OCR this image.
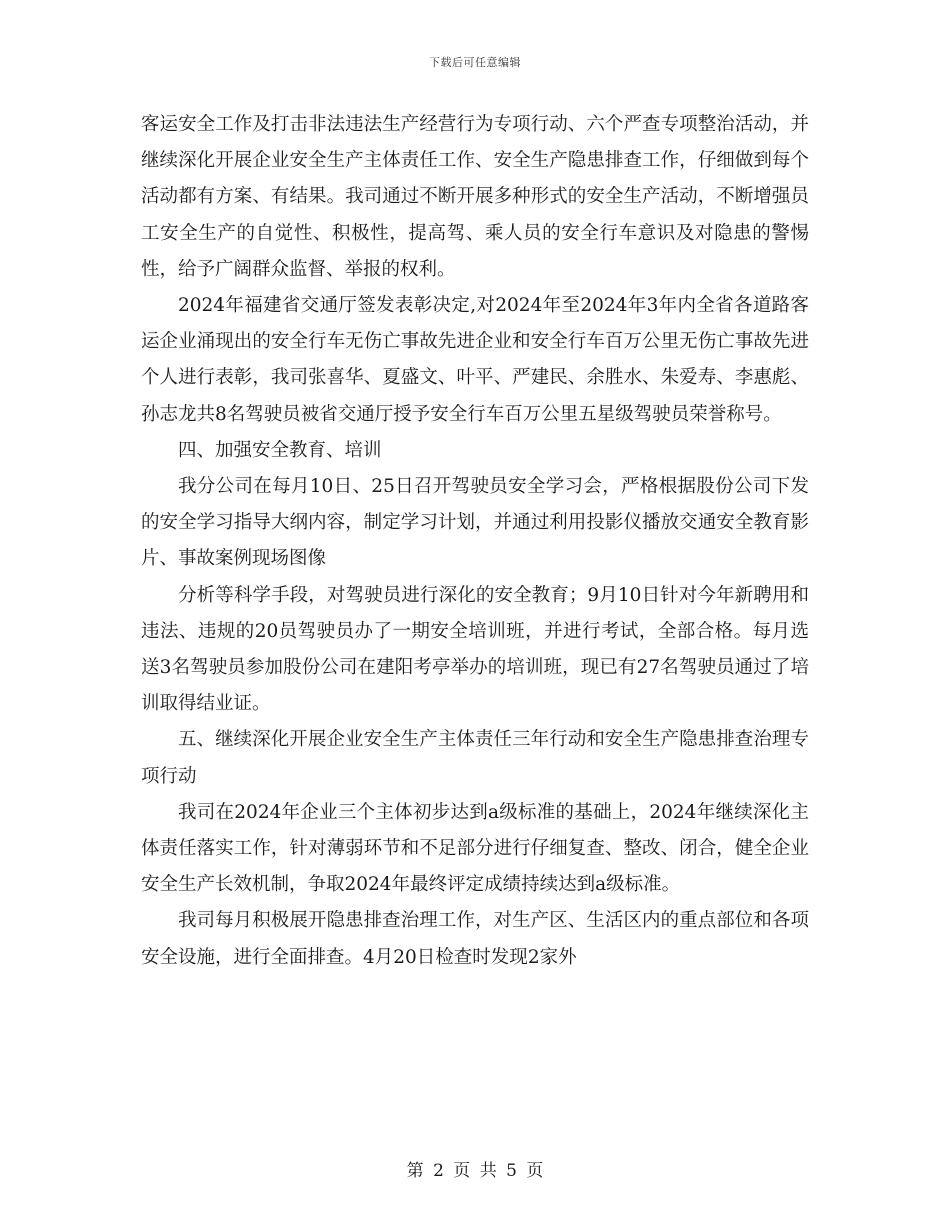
下载后可任意编辑

客运安全工作及打击非法违法生产经营行为专项行动、六个严查专项整治活动，并继续深化开展企业安全生产主体责任工作、安全生产隐患排查工作，仔细做到每个活动都有方案、有结果。我司通过不断开展多种形式的安全生产活动，不断增强员工安全生产的自觉性、积极性，提高驾、乘人员的安全行车意识及对隐患的警惕性，给予广阔群众监督、举报的权利。

2024年福建省交通厅签发表彰决定,对2024年至2024年3年内全省各道路客运企业涌现出的安全行车无伤亡事故先进企业和安全行车百万公里无伤亡事故先进个人进行表彰，我司张喜华、夏盛文、叶平、严建民、余胜水、朱爱寿、李惠彪、孙志龙共8名驾驶员被省交通厅授予安全行车百万公里五星级驾驶员荣誉称号。

四、加强安全教育、培训

我分公司在每月10日、25日召开驾驶员安全学习会，严格根据股份公司下发的安全学习指导大纲内容，制定学习计划，并通过利用投影仪播放交通安全教育影片、事故案例现场图像

分析等科学手段，对驾驶员进行深化的安全教育；9月10日针对今年新聘用和违法、违规的20员驾驶员办了一期安全培训班，并进行考试，全部合格。每月选送3名驾驶员参加股份公司在建阳考亭举办的培训班，现已有27名驾驶员通过了培训取得结业证。

五、继续深化开展企业安全生产主体责任三年行动和安全生产隐患排查治理专项行动

我司在2024年企业三个主体初步达到a级标准的基础上，2024年继续深化主体责任落实工作，针对薄弱环节和不足部分进行仔细复查、整改、闭合，健全企业安全生产长效机制，争取2024年最终评定成绩持续达到a级标准。

我司每月积极展开隐患排查治理工作，对生产区、生活区内的重点部位和各项安全设施，进行全面排查。4月20日检查时发现2家外

第 2 页 共 5 页
